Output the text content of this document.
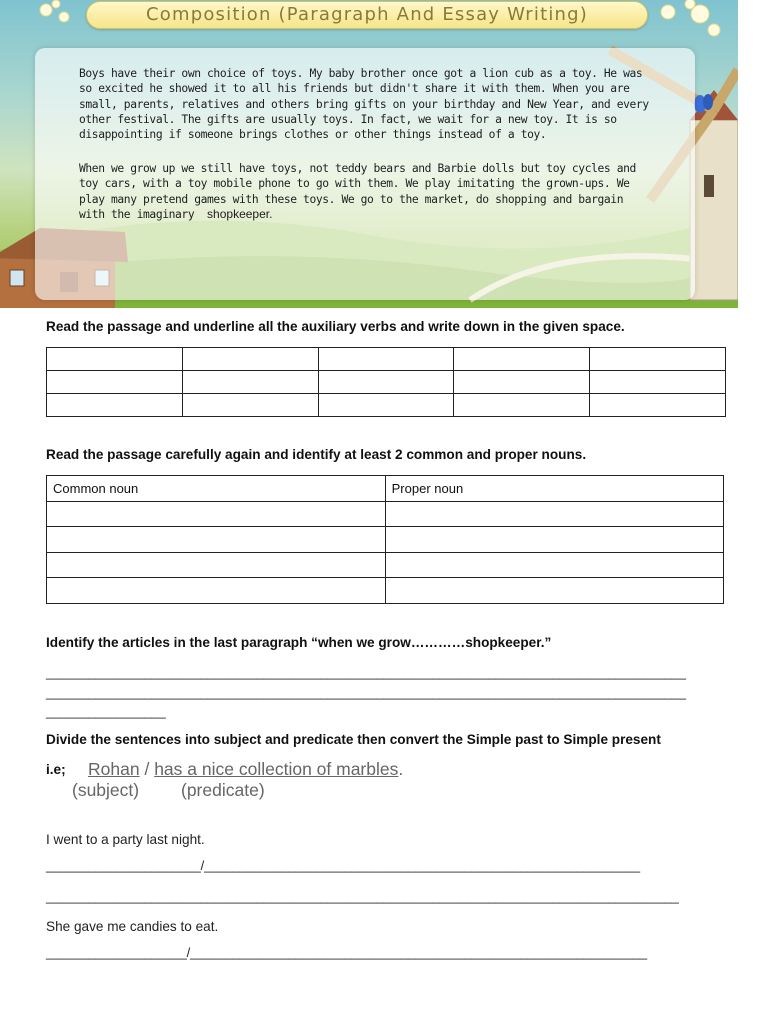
Composition (Paragraph And Essay Writing)
Boys have their own choice of toys. My baby brother once got a lion cub as a toy. He was so excited he showed it to all his friends but didn't share it with them. When you are small, parents, relatives and others bring gifts on your birthday and New Year, and every other festival. The gifts are usually toys. In fact, we wait for a new toy. It is so disappointing if someone brings clothes or other things instead of a toy.
When we grow up we still have toys, not teddy bears and Barbie dolls but toy cycles and toy cars, with a toy mobile phone to go with them. We play imitating the grown-ups. We play many pretend games with these toys. We go to the market, do shopping and bargain with the imaginary shopkeeper.
Read the passage and underline all the auxiliary verbs and write down in the given space.

Read the passage carefully again and identify at least 2 common and proper nouns.
Common noun	Proper noun

Identify the articles in the last paragraph “when we grow…………shopkeeper.”
___________________________________________________________________________________________
___________________________________________________________________________________________
_________________
Divide the sentences into subject and predicate then convert the Simple past to Simple present
i.e; Rohan / has a nice collection of marbles.
(subject) (predicate)
I went to a party last night.
______________________/______________________________________________________________
__________________________________________________________________________________________
She gave me candies to eat.
____________________/_________________________________________________________________
